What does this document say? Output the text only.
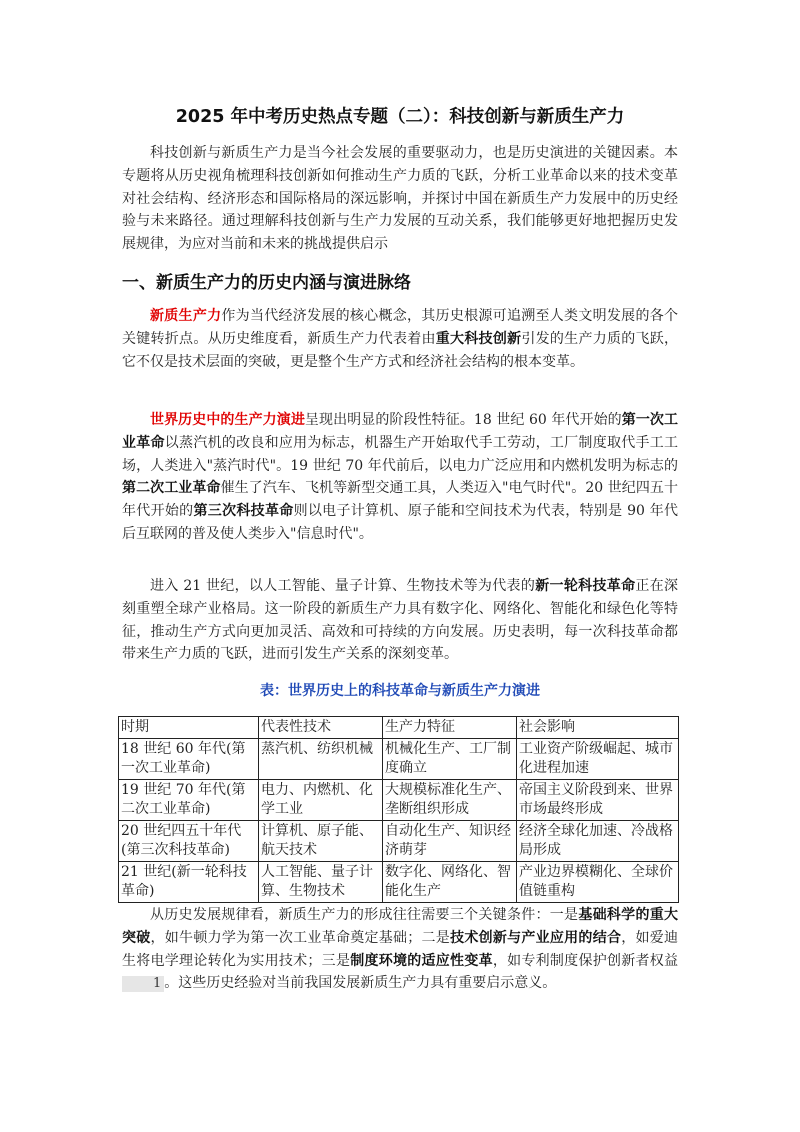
2025 年中考历史热点专题（二）：科技创新与新质生产力

科技创新与新质生产力是当今社会发展的重要驱动力，也是历史演进的关键因素。本专题将从历史视角梳理科技创新如何推动生产力质的飞跃，分析工业革命以来的技术变革对社会结构、经济形态和国际格局的深远影响，并探讨中国在新质生产力发展中的历史经验与未来路径。通过理解科技创新与生产力发展的互动关系，我们能够更好地把握历史发展规律，为应对当前和未来的挑战提供启示

一、新质生产力的历史内涵与演进脉络

新质生产力作为当代经济发展的核心概念，其历史根源可追溯至人类文明发展的各个关键转折点。从历史维度看，新质生产力代表着由重大科技创新引发的生产力质的飞跃，它不仅是技术层面的突破，更是整个生产方式和经济社会结构的根本变革。

世界历史中的生产力演进呈现出明显的阶段性特征。18 世纪 60 年代开始的第一次工业革命以蒸汽机的改良和应用为标志，机器生产开始取代手工劳动，工厂制度取代手工工场，人类进入"蒸汽时代"。19 世纪 70 年代前后，以电力广泛应用和内燃机发明为标志的第二次工业革命催生了汽车、飞机等新型交通工具，人类迈入"电气时代"。20 世纪四五十年代开始的第三次科技革命则以电子计算机、原子能和空间技术为代表，特别是 90 年代后互联网的普及使人类步入"信息时代"。

进入 21 世纪，以人工智能、量子计算、生物技术等为代表的新一轮科技革命正在深刻重塑全球产业格局。这一阶段的新质生产力具有数字化、网络化、智能化和绿色化等特征，推动生产方式向更加灵活、高效和可持续的方向发展。历史表明，每一次科技革命都带来生产力质的飞跃，进而引发生产关系的深刻变革。

表：世界历史上的科技革命与新质生产力演进
时期	代表性技术	生产力特征	社会影响
18 世纪 60 年代(第一次工业革命)	蒸汽机、纺织机械	机械化生产、工厂制度确立	工业资产阶级崛起、城市化进程加速
19 世纪 70 年代(第二次工业革命)	电力、内燃机、化学工业	大规模标准化生产、垄断组织形成	帝国主义阶段到来、世界市场最终形成
20 世纪四五十年代(第三次科技革命)	计算机、原子能、航天技术	自动化生产、知识经济萌芽	经济全球化加速、冷战格局形成
21 世纪(新一轮科技革命)	人工智能、量子计算、生物技术	数字化、网络化、智能化生产	产业边界模糊化、全球价值链重构

从历史发展规律看，新质生产力的形成往往需要三个关键条件：一是基础科学的重大突破，如牛顿力学为第一次工业革命奠定基础；二是技术创新与产业应用的结合，如爱迪生将电学理论转化为实用技术；三是制度环境的适应性变革，如专利制度保护创新者权益1 。这些历史经验对当前我国发展新质生产力具有重要启示意义。
